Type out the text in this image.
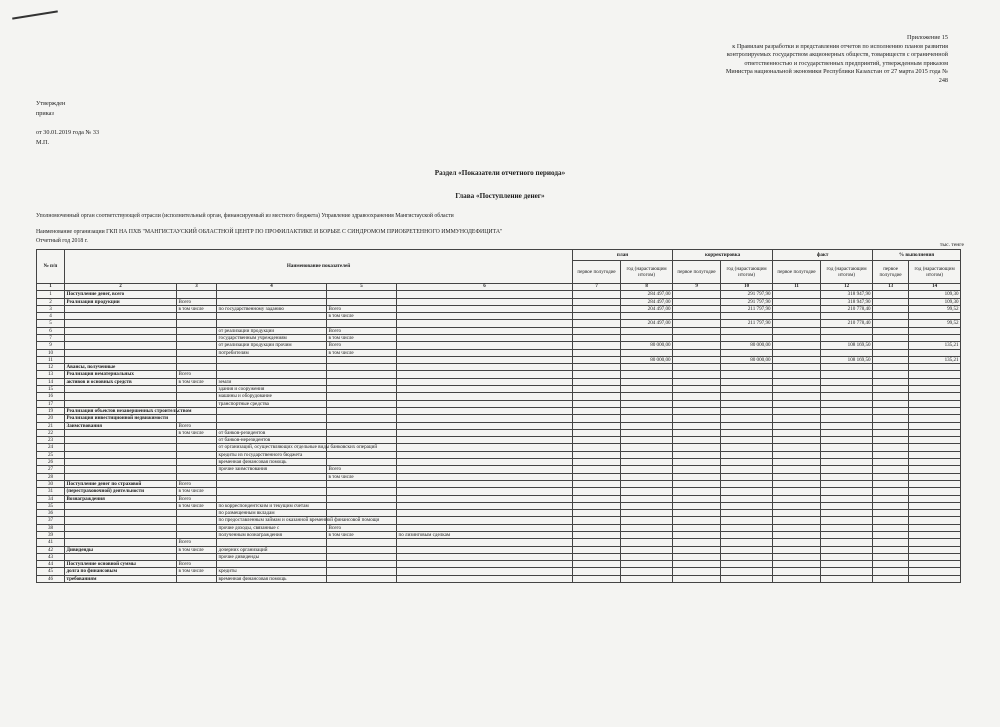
Приложение 15
к Правилам разработки и представления отчетов по исполнению планов развития
контролируемых государством акционерных обществ, товариществ с ограниченной
ответственностью и государственных предприятий, утвержденным приказом
Министра национальной экономики Республики Казахстан от 27 марта 2015 года №
248
Утвержден
приказ
от 30.01.2019 года № 33
М.П.
Раздел «Показатели отчетного периода»
Глава «Поступление денег»
Уполномоченный орган соответствующей отрасли (исполнительный орган, финансируемый из местного бюджета) Управление здравоохранения Мангистауской области
Наименование организации ГКП НА ПХВ "МАНГИСТАУСКИЙ ОБЛАСТНОЙ ЦЕНТР ПО ПРОФИЛАКТИКЕ И БОРЬБЕ С СИНДРОМОМ ПРИОБРЕТЕННОГО ИММУНОДЕФИЦИТА"
Отчетный год 2018 г.
тыс. тенге
№ п/п	Наименование показателей					план		корректировка		факт		% выполнения	
						первое полугодие	год (нарастающим итогом)	первое полугодие	год (нарастающим итогом)	первое полугодие	год (нарастающим итогом)	первое полугодие	год (нарастающим итогом)
1	2	3	4	5	6	7	8	9	10	11	12	13	14
1	Поступление денег, всего						284 497,00		291 797,90		318 947,90		109,30
2	Реализация продукции	Всего					284 497,00		291 797,90		318 947,90		109,30
3		в том числе	по государственному заданию	Всего			204 497,00		211 797,90		210 778,40		99,52
4				в том числе									
5							204 497,00		211 797,90		210 778,40		99,52
6			от реализации продукции	Всего									
7			государственным учреждениям	в том числе									
9			от реализации продукции прочим	Всего			80 000,00		80 000,00		108 169,50		135,21
10			потребителям	в том числе									
11							80 000,00		80 000,00		108 169,50		135,21
12	Авансы, полученные												
13	Реализация нематериальных	Всего											
14	активов и основных средств	в том числе	земли										
15			здания и сооружения										
16			машины и оборудование										
17			транспортные средства										
19	Реализация объектов незавершенных строительством												
20	Реализация инвестиционной недвижимости												
21	Заимствования	Всего											
22		в том числе	от банков-резидентов										
23			от банков-нерезидентов										
24			от организаций, осуществляющих отдельные виды банковских операций										
25			кредиты из государственного бюджета										
26			временная финансовая помощь										
27			прочие заимствования	Всего									
28				в том числе									
30	Поступление денег по страховой	Всего											
31	(перестраховочной) деятельности	в том числе											
34	Вознаграждения	Всего											
35		в том числе	по корреспондентским и текущим счетам										
36			по размещенным вкладам										
37			по предоставленным займам и оказанной временной финансовой помощи										
38			прочие доходы, связанные с	Всего									
39			полученным вознаграждения	в том числе	по лизинговым сделкам								
41		Всего											
42	Дивиденды	в том числе	дочерних организаций										
43			прочие дивиденды										
44	Поступление основной суммы	Всего											
45	долга по финансовым	в том числе	кредиты										
46	требованиям		временная финансовая помощь										
